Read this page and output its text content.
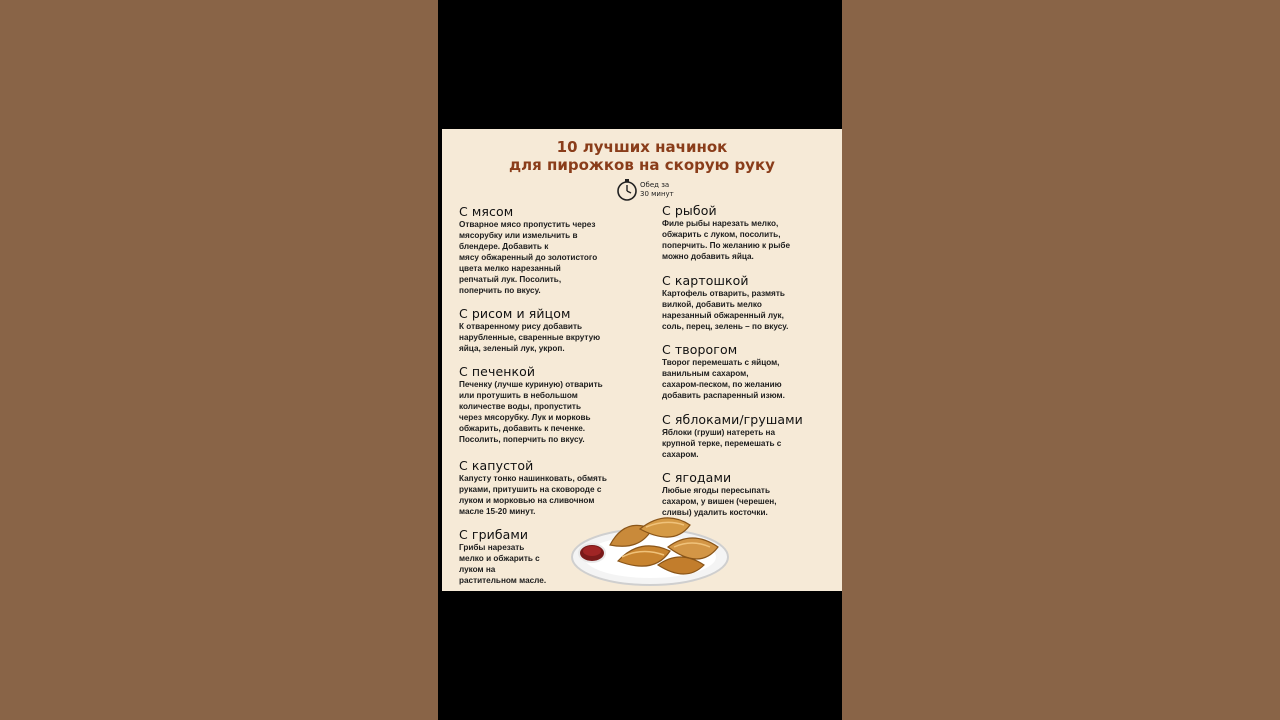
10 лучших начинок
для пирожков на скорую руку
Обед за
30 минут
С мясом

Отварное мясо пропустить через
мясорубку или измельчить в
блендере. Добавить к
мясу обжаренный до золотистого
цвета мелко нарезанный
репчатый лук. Посолить,
поперчить по вкусу.

С рисом и яйцом

К отваренному рису добавить
нарубленные, сваренные вкрутую
яйца, зеленый лук, укроп.

С печенкой

Печенку (лучше куриную) отварить
или протушить в небольшом
количестве воды, пропустить
через мясорубку. Лук и морковь
обжарить, добавить к печенке.
Посолить, поперчить по вкусу.

С капустой

Капусту тонко нашинковать, обмять
руками, притушить на сковороде с
луком и морковью на сливочном
масле 15-20 минут.

С грибами

Грибы нарезать
мелко и обжарить с
луком на
растительном масле.

С рыбой

Филе рыбы нарезать мелко,
обжарить с луком, посолить,
поперчить. По желанию к рыбе
можно добавить яйца.

С картошкой

Картофель отварить, размять
вилкой, добавить мелко
нарезанный обжаренный лук,
соль, перец, зелень – по вкусу.

С творогом

Творог перемешать с яйцом,
ванильным сахаром,
сахаром-песком, по желанию
добавить распаренный изюм.

С яблоками/грушами

Яблоки (груши) натереть на
крупной терке, перемешать с
сахаром.

С ягодами

Любые ягоды пересыпать
сахаром, у вишен (черешен,
сливы) удалить косточки.
